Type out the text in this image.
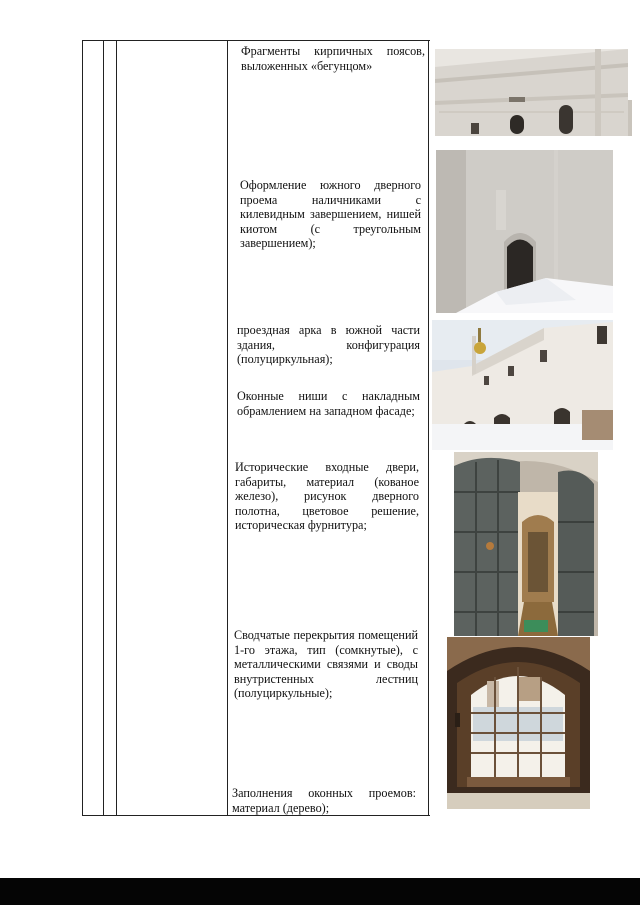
Фрагменты кирпичных поясов, выложенных «бегунцом»
Оформление южного дверного проема наличниками с килевидным завершением, нишей киотом (с треугольным завершением);
проездная арка в южной части здания, конфигурация (полуциркульная);
Оконные ниши с накладным обрамлением на западном фасаде;
Исторические входные двери, габариты, материал (кованое железо), рисунок дверного полотна, цветовое решение, историческая фурнитура;
Сводчатые перекрытия помещений 1-го этажа, тип (сомкнутые), с металлическими связями и своды внутристенных лестниц (полуциркульные);
Заполнения оконных проемов: материал (дерево);
